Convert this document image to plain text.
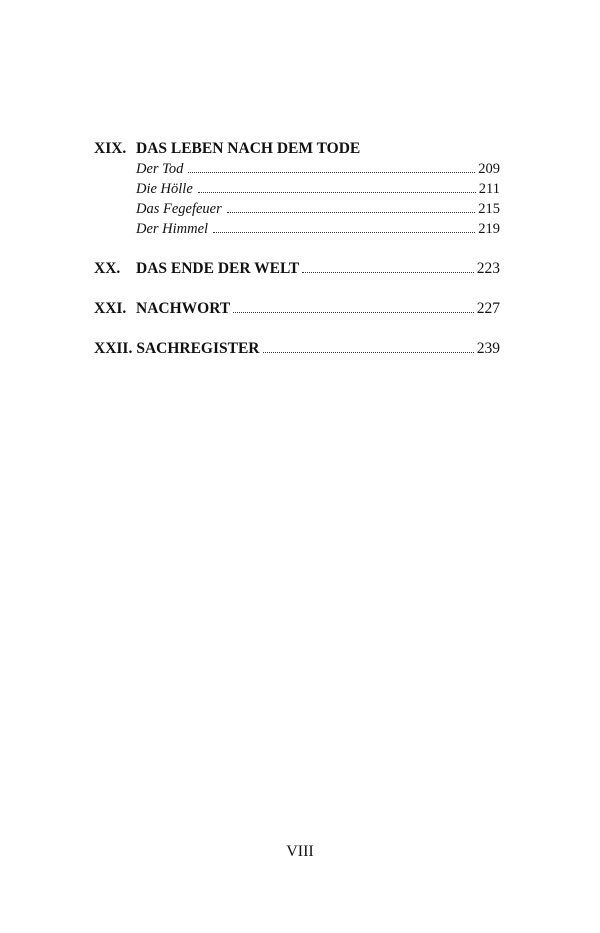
XIX. DAS LEBEN NACH DEM TODE
Der Tod	209
Die Hölle	211
Das Fegefeuer	215
Der Himmel	219
XX.	DAS ENDE DER WELT	223
XXI. NACHWORT	227
XXII. SACHREGISTER	239
VIII
